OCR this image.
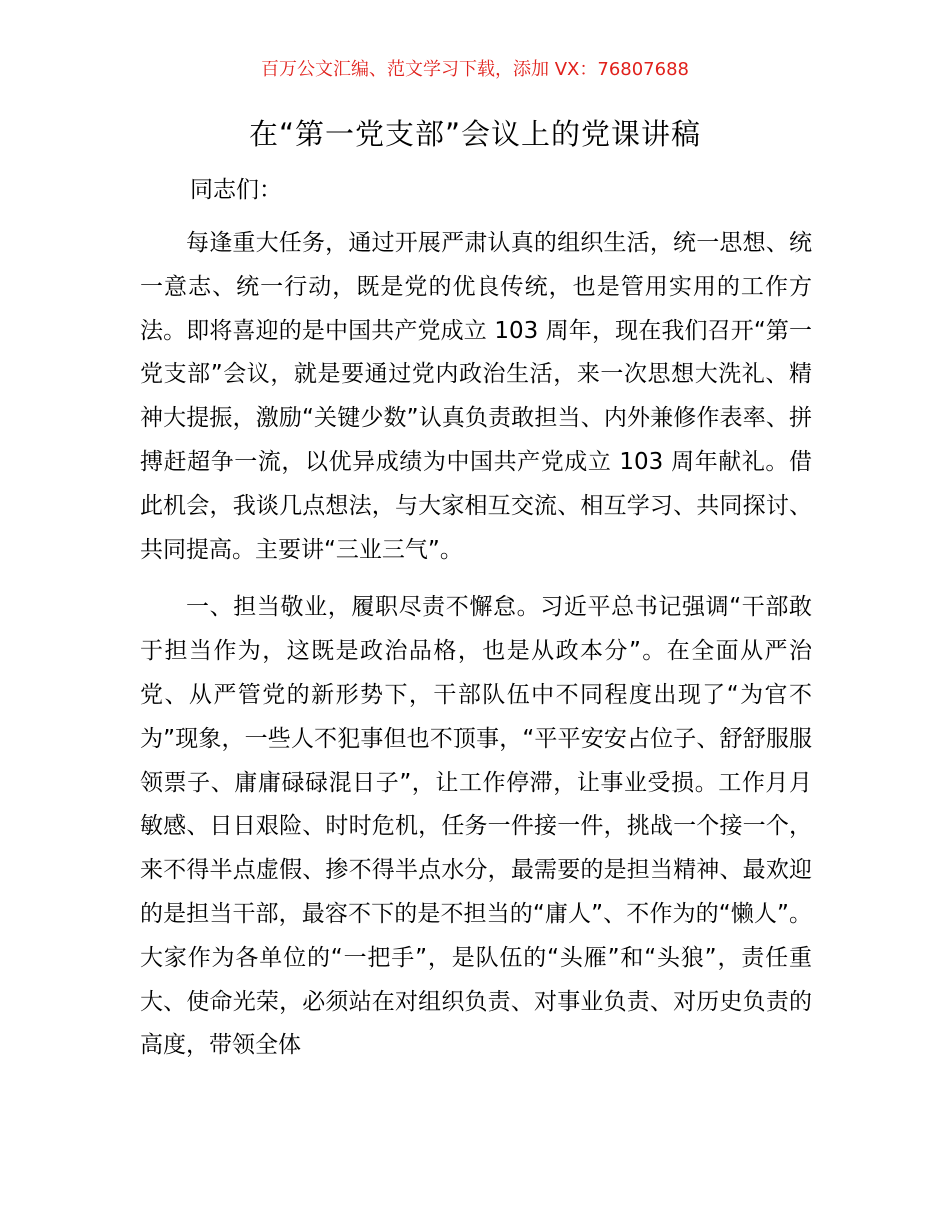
百万公文汇编、范文学习下载，添加 VX：76807688
在“第一党支部”会议上的党课讲稿
同志们：

每逢重大任务，通过开展严肃认真的组织生活，统一思想、统一意志、统一行动，既是党的优良传统，也是管用实用的工作方法。即将喜迎的是中国共产党成立 103 周年，现在我们召开“第一党支部”会议，就是要通过党内政治生活，来一次思想大洗礼、精神大提振，激励“关键少数”认真负责敢担当、内外兼修作表率、拼搏赶超争一流，以优异成绩为中国共产党成立 103 周年献礼。借此机会，我谈几点想法，与大家相互交流、相互学习、共同探讨、共同提高。主要讲“三业三气”。

一、担当敬业，履职尽责不懈怠。习近平总书记强调“干部敢于担当作为，这既是政治品格，也是从政本分”。在全面从严治党、从严管党的新形势下，干部队伍中不同程度出现了“为官不为”现象，一些人不犯事但也不顶事，“平平安安占位子、舒舒服服领票子、庸庸碌碌混日子”，让工作停滞，让事业受损。工作月月敏感、日日艰险、时时危机，任务一件接一件，挑战一个接一个，来不得半点虚假、掺不得半点水分，最需要的是担当精神、最欢迎的是担当干部，最容不下的是不担当的“庸人”、不作为的“懒人”。大家作为各单位的“一把手”，是队伍的“头雁”和“头狼”，责任重大、使命光荣，必须站在对组织负责、对事业负责、对历史负责的高度，带领全体
